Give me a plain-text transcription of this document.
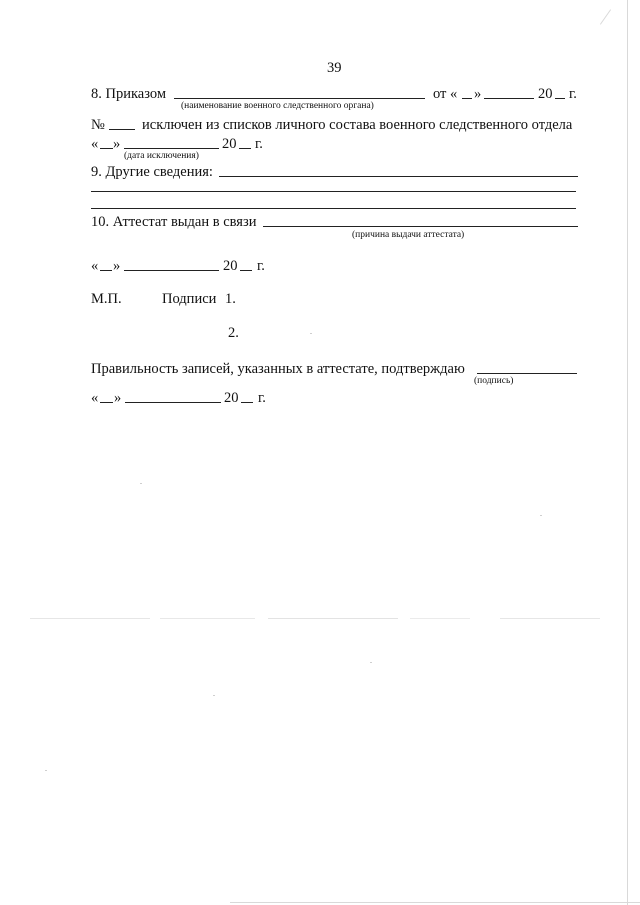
39
8. Приказом
(наименование военного следственного органа)
от « »	20 г.
№	исключен из списков личного состава военного следственного отдела
« »	20 г.
(дата исключения)
9. Другие сведения:
10. Аттестат выдан в связи
(причина выдачи аттестата)
« »	20 г.
М.П.	Подписи 1.
2.
Правильность записей, указанных в аттестате, подтверждаю
(подпись)
« »	20 г.
